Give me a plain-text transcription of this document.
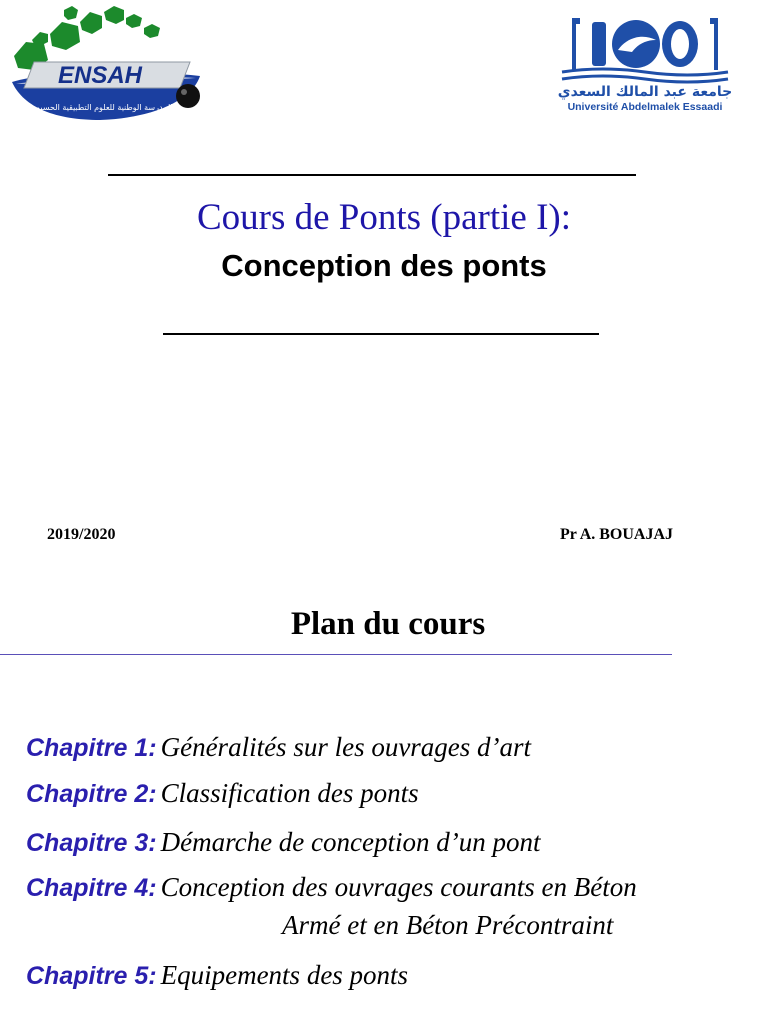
ENSAH
المدرسة الوطنية للعلوم التطبيقية الحسيمة
جامعة عبد المالك السعدي
Université Abdelmalek Essaadi
Cours de Ponts (partie I):
Conception des ponts
2019/2020	Pr A. BOUAJAJ
Plan du cours
Chapitre 1: Généralités sur les ouvrages d’art
Chapitre 2: Classification des ponts
Chapitre 3: Démarche de conception d’un pont
Chapitre 4: Conception des ouvrages courants en Béton
Armé et en Béton Précontraint
Chapitre 5: Equipements des ponts
